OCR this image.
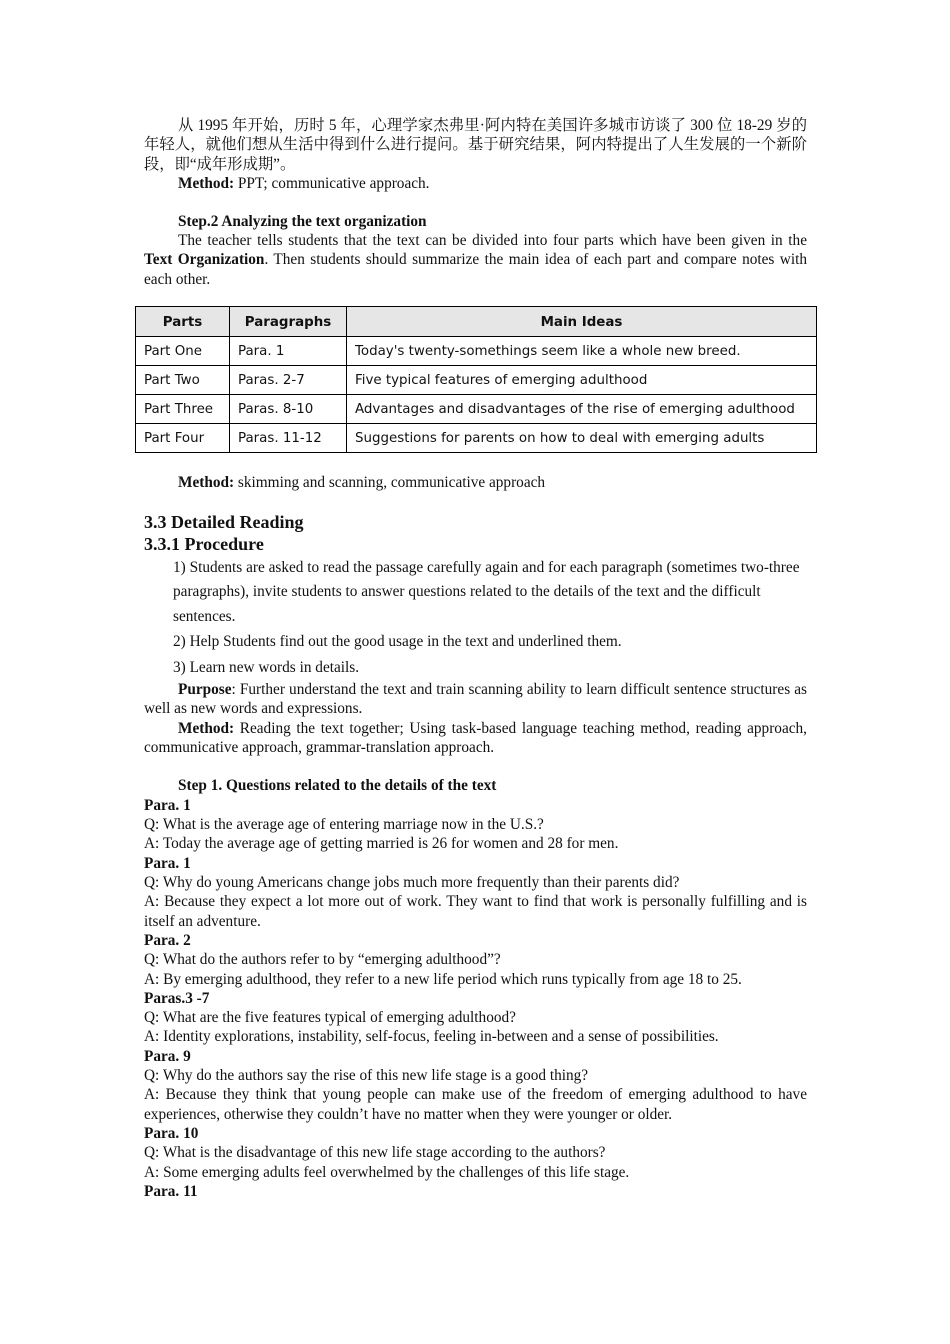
从 1995 年开始，历时 5 年，心理学家杰弗里·阿内特在美国许多城市访谈了 300 位 18-29 岁的年轻人，就他们想从生活中得到什么进行提问。基于研究结果，阿内特提出了人生发展的一个新阶段，即“成年形成期”。

Method: PPT; communicative approach.

Step.2 Analyzing the text organization

The teacher tells students that the text can be divided into four parts which have been given in the Text Organization. Then students should summarize the main idea of each part and compare notes with each other.

Parts	Paragraphs	Main Ideas
Part One	Para. 1	Today's twenty-somethings seem like a whole new breed.
Part Two	Paras. 2-7	Five typical features of emerging adulthood
Part Three	Paras. 8-10	Advantages and disadvantages of the rise of emerging adulthood
Part Four	Paras. 11-12	Suggestions for parents on how to deal with emerging adults

Method: skimming and scanning, communicative approach

3.3 Detailed Reading
3.3.1 Procedure

1) Students are asked to read the passage carefully again and for each paragraph (sometimes two-three paragraphs), invite students to answer questions related to the details of the text and the difficult sentences.

2) Help Students find out the good usage in the text and underlined them.

3) Learn new words in details.

Purpose: Further understand the text and train scanning ability to learn difficult sentence structures as well as new words and expressions.

Method: Reading the text together; Using task-based language teaching method, reading approach, communicative approach, grammar-translation approach.

Step 1. Questions related to the details of the text

Para. 1

Q: What is the average age of entering marriage now in the U.S.?

A: Today the average age of getting married is 26 for women and 28 for men.

Para. 1

Q: Why do young Americans change jobs much more frequently than their parents did?

A: Because they expect a lot more out of work. They want to find that work is personally fulfilling and is itself an adventure.

Para. 2

Q: What do the authors refer to by “emerging adulthood”?

A: By emerging adulthood, they refer to a new life period which runs typically from age 18 to 25.

Paras.3 -7

Q: What are the five features typical of emerging adulthood?

A: Identity explorations, instability, self-focus, feeling in-between and a sense of possibilities.

Para. 9

Q: Why do the authors say the rise of this new life stage is a good thing?

A: Because they think that young people can make use of the freedom of emerging adulthood to have experiences, otherwise they couldn’t have no matter when they were younger or older.

Para. 10

Q: What is the disadvantage of this new life stage according to the authors?

A: Some emerging adults feel overwhelmed by the challenges of this life stage.

Para. 11
